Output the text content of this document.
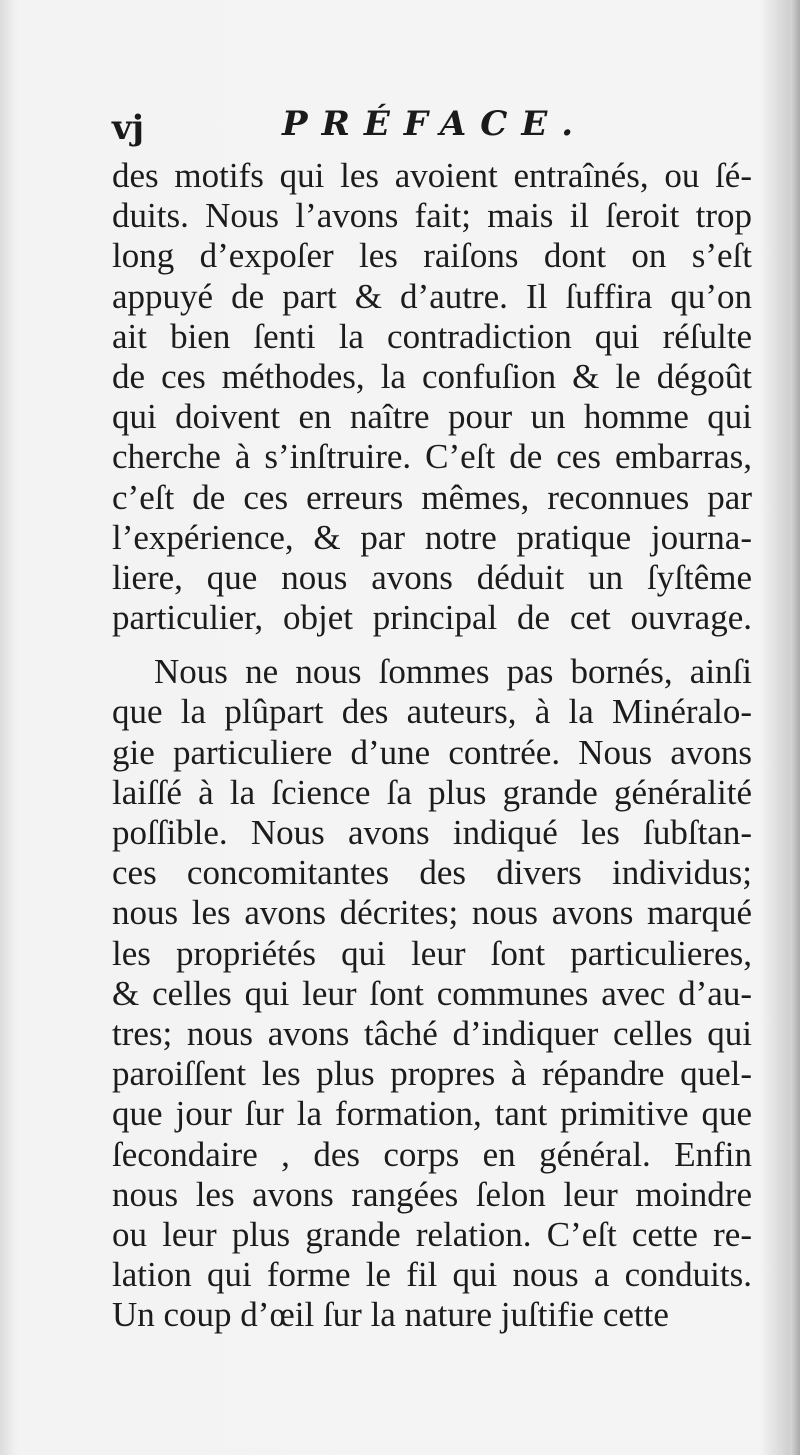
vj	PRÉFACE.
des motifs qui les avoient entraînés, ou ſé-
duits. Nous l’avons fait; mais il ſeroit trop
long d’expoſer les raiſons dont on s’eſt
appuyé de part & d’autre. Il ſuffira qu’on
ait bien ſenti la contradiction qui réſulte
de ces méthodes, la confuſion & le dégoût
qui doivent en naître pour un homme qui
cherche à s’inſtruire. C’eſt de ces embarras,
c’eſt de ces erreurs mêmes, reconnues par
l’expérience, & par notre pratique journa-
liere, que nous avons déduit un ſyſtême
particulier, objet principal de cet ouvrage.
Nous ne nous ſommes pas bornés, ainſi
que la plûpart des auteurs, à la Minéralo-
gie particuliere d’une contrée. Nous avons
laiſſé à la ſcience ſa plus grande généralité
poſſible. Nous avons indiqué les ſubſtan-
ces concomitantes des divers individus;
nous les avons décrites; nous avons marqué
les propriétés qui leur ſont particulieres,
& celles qui leur ſont communes avec d’au-
tres; nous avons tâché d’indiquer celles qui
paroiſſent les plus propres à répandre quel-
que jour ſur la formation, tant primitive que
ſecondaire , des corps en général. Enfin
nous les avons rangées ſelon leur moindre
ou leur plus grande relation. C’eſt cette re-
lation qui forme le fil qui nous a conduits.
Un coup d’œil ſur la nature juſtifie cette
